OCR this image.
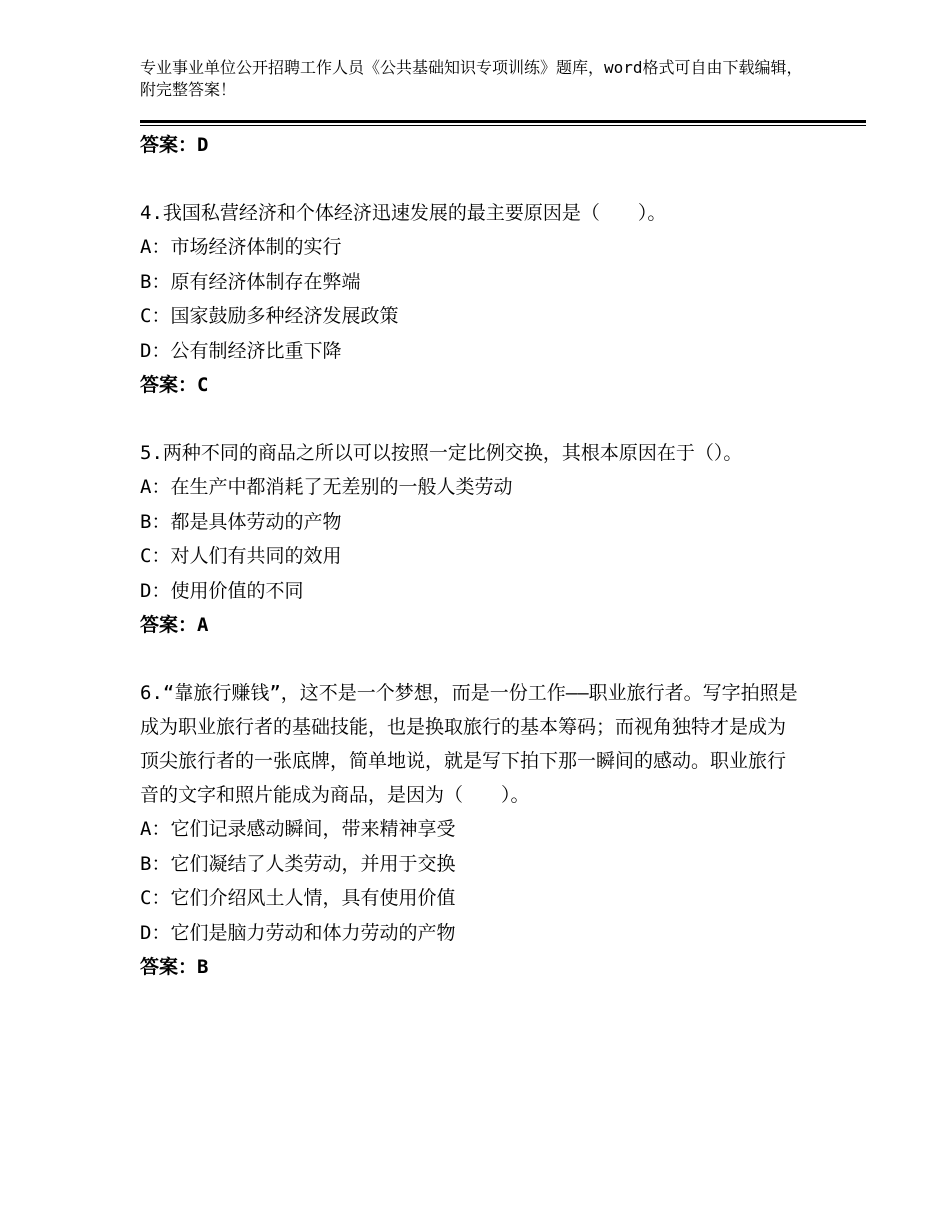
专业事业单位公开招聘工作人员《公共基础知识专项训练》题库，word格式可自由下载编辑，附完整答案！
答案：D
4.我国私营经济和个体经济迅速发展的最主要原因是（　　）。
A：市场经济体制的实行
B：原有经济体制存在弊端
C：国家鼓励多种经济发展政策
D：公有制经济比重下降
答案：C
5.两种不同的商品之所以可以按照一定比例交换，其根本原因在于（）。
A：在生产中都消耗了无差别的一般人类劳动
B：都是具体劳动的产物
C：对人们有共同的效用
D：使用价值的不同
答案：A
6.“靠旅行赚钱”，这不是一个梦想，而是一份工作——职业旅行者。写字拍照是成为职业旅行者的基础技能，也是换取旅行的基本筹码；而视角独特才是成为顶尖旅行者的一张底牌，简单地说，就是写下拍下那一瞬间的感动。职业旅行音的文字和照片能成为商品，是因为（　　）。
A：它们记录感动瞬间，带来精神享受
B：它们凝结了人类劳动，并用于交换
C：它们介绍风土人情，具有使用价值
D：它们是脑力劳动和体力劳动的产物
答案：B
